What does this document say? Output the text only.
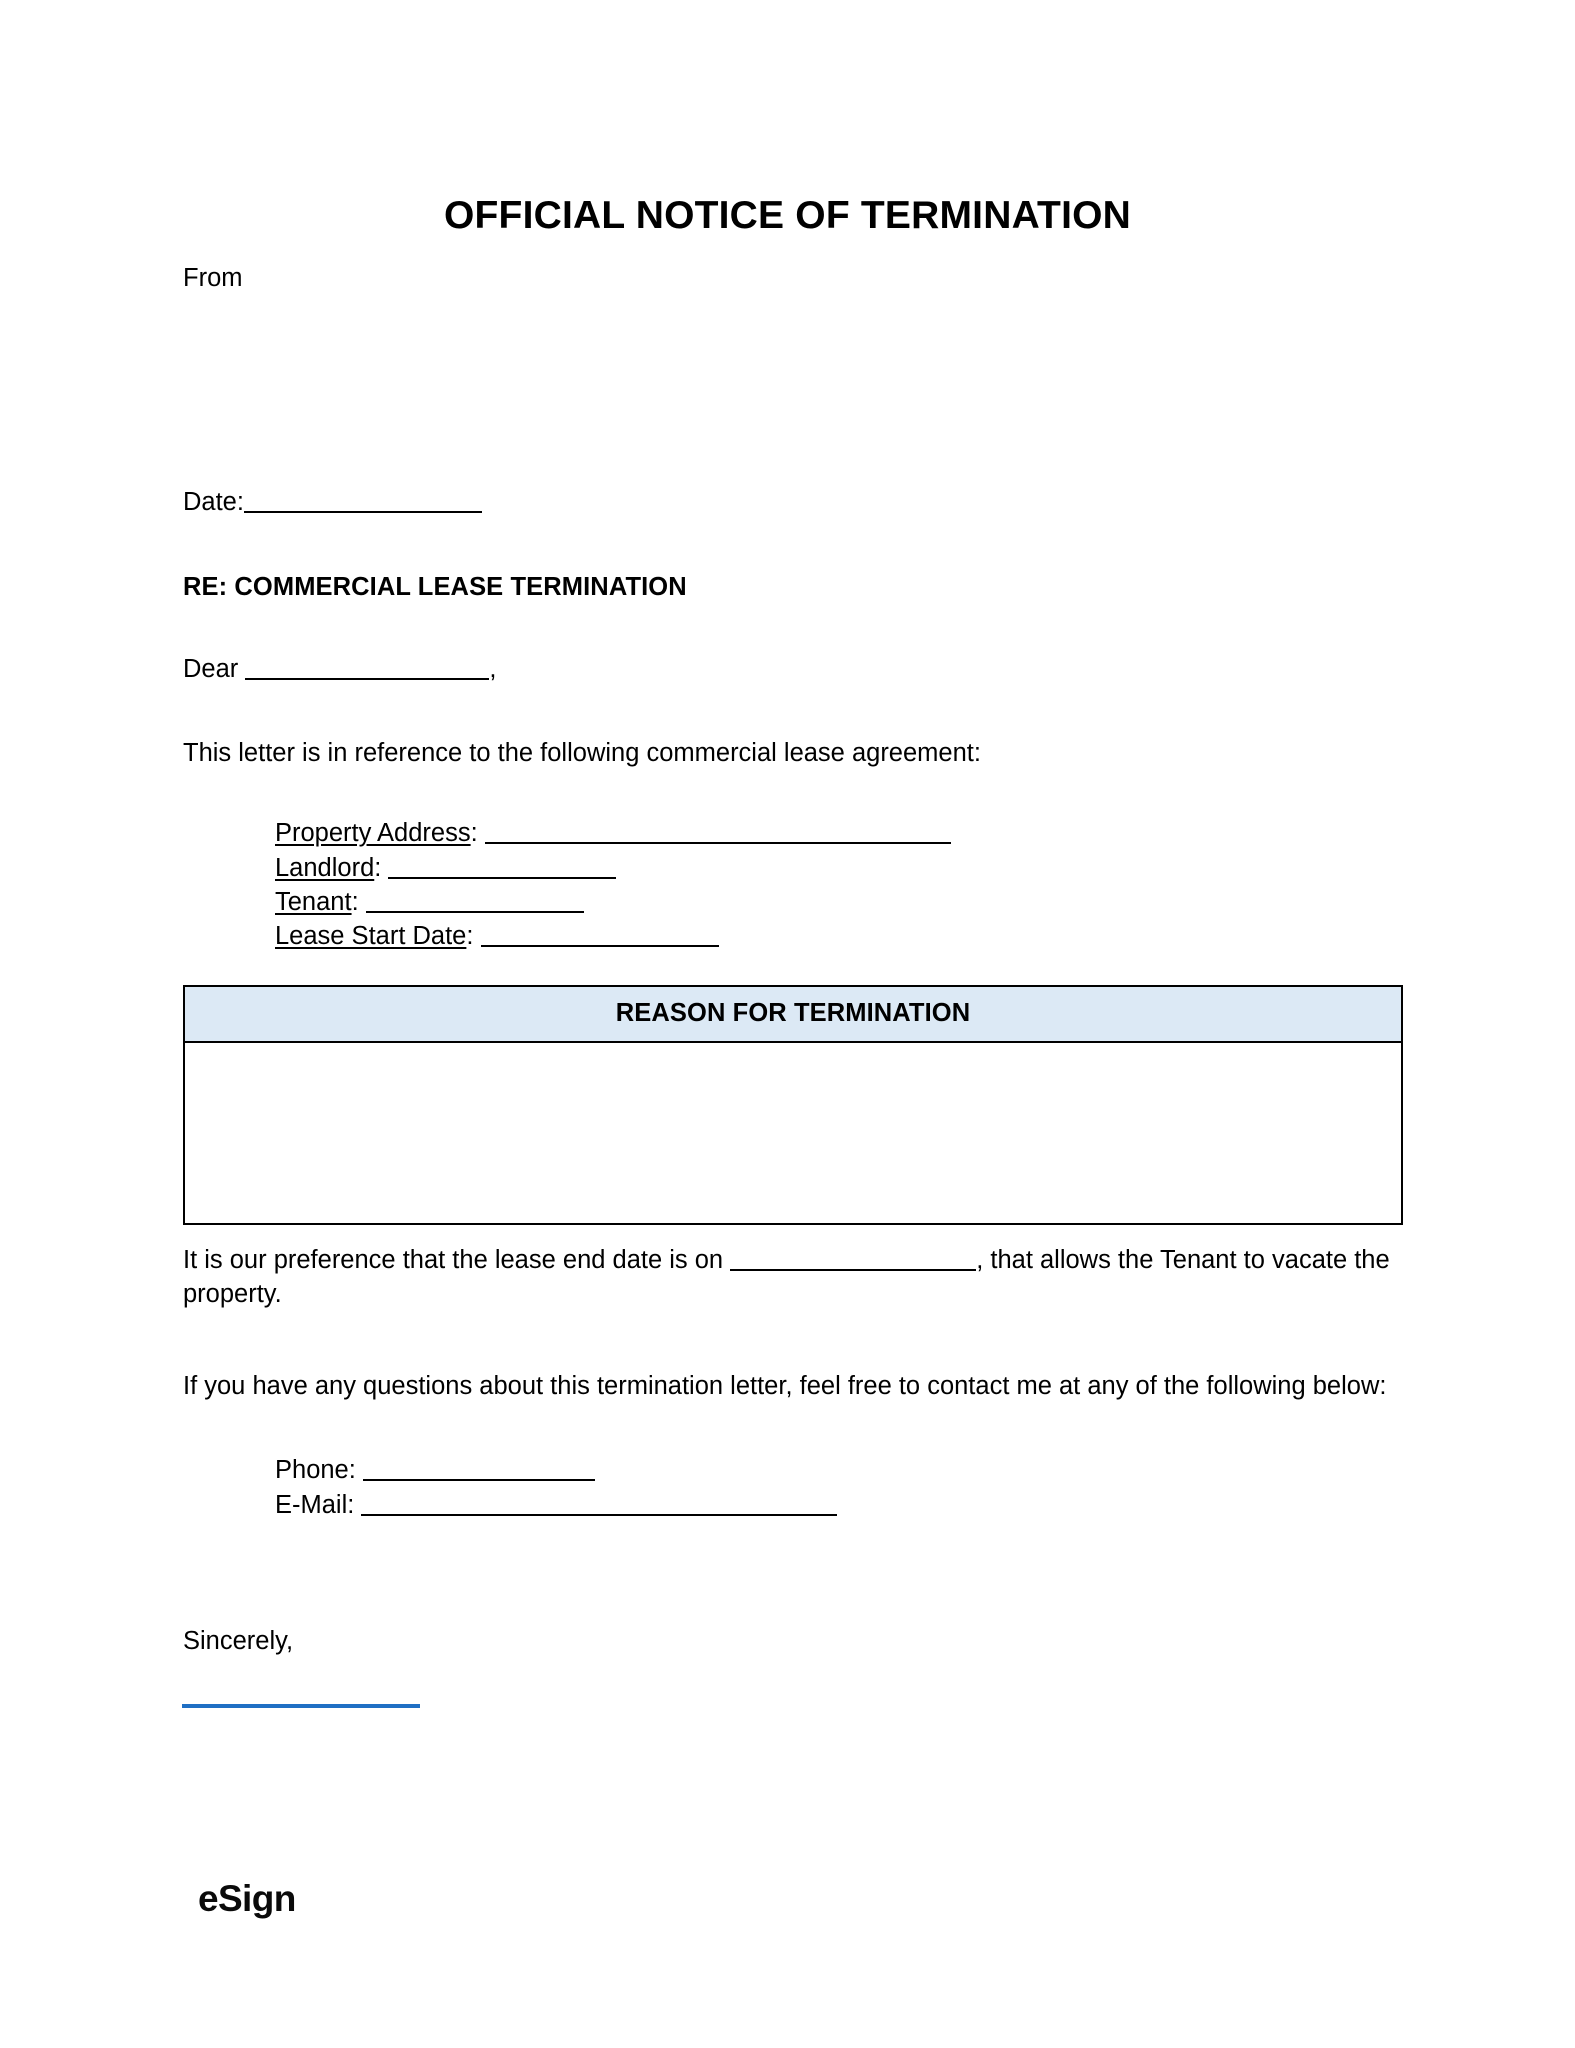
OFFICIAL NOTICE OF TERMINATION

From

Date:

RE: COMMERCIAL LEASE TERMINATION

Dear	,

This letter is in reference to the following commercial lease agreement:

Property Address:
Landlord:
Tenant:
Lease Start Date:
REASON FOR TERMINATION

It is our preference that the lease end date is on	, that allows the Tenant to vacate the property.

If you have any questions about this termination letter, feel free to contact me at any of the following below:

Phone:
E-Mail:

Sincerely,

eSign
